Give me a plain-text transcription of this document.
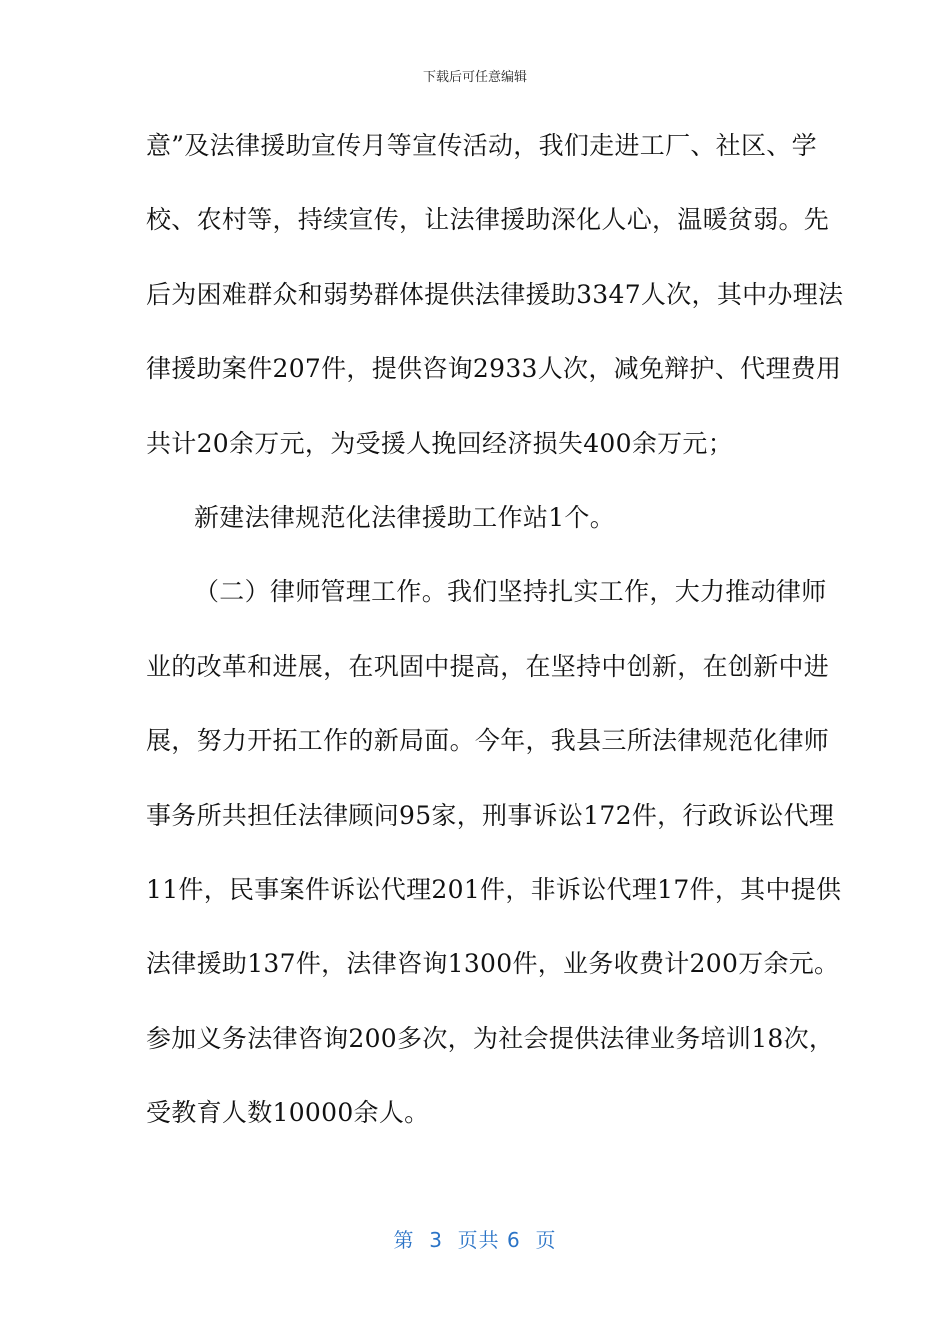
下载后可任意编辑
意”及法律援助宣传月等宣传活动，我们走进工厂、社区、学
校、农村等，持续宣传，让法律援助深化人心，温暖贫弱。先
后为困难群众和弱势群体提供法律援助3347人次，其中办理法
律援助案件207件，提供咨询2933人次，减免辩护、代理费用
共计20余万元，为受援人挽回经济损失400余万元；
新建法律规范化法律援助工作站1个。
（二）律师管理工作。我们坚持扎实工作，大力推动律师
业的改革和进展，在巩固中提高，在坚持中创新，在创新中进
展，努力开拓工作的新局面。今年，我县三所法律规范化律师
事务所共担任法律顾问95家，刑事诉讼172件，行政诉讼代理
11件，民事案件诉讼代理201件，非诉讼代理17件，其中提供
法律援助137件，法律咨询1300件，业务收费计200万余元。
参加义务法律咨询200多次，为社会提供法律业务培训18次，
受教育人数10000余人。
第  3  页共 6  页
